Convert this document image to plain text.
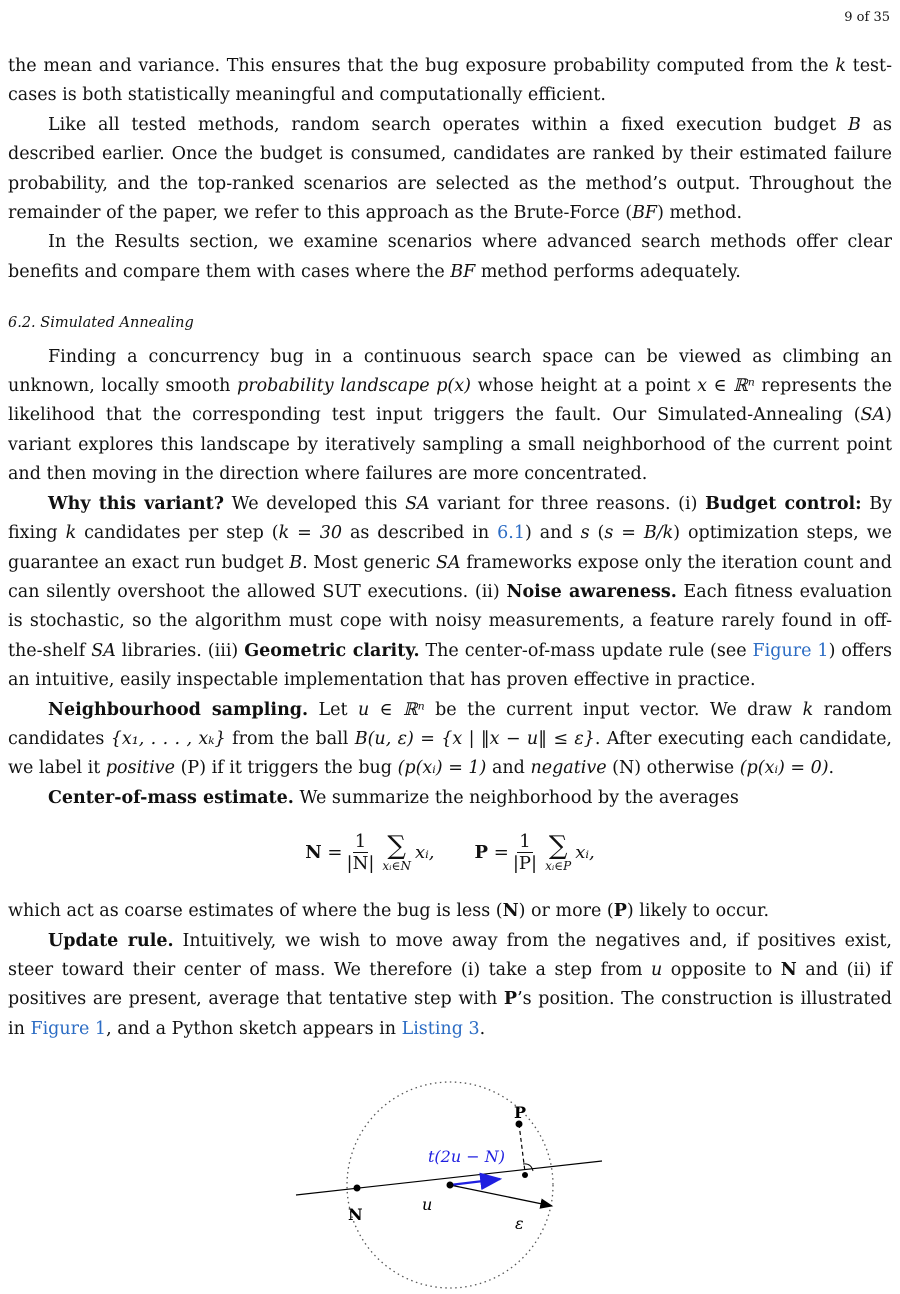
9 of 35

the mean and variance. This ensures that the bug exposure probability computed from the k test-cases is both statistically meaningful and computationally efficient.

Like all tested methods, random search operates within a fixed execution budget B as described earlier. Once the budget is consumed, candidates are ranked by their estimated failure probability, and the top-ranked scenarios are selected as the method’s output. Throughout the remainder of the paper, we refer to this approach as the Brute-Force (BF) method.

In the Results section, we examine scenarios where advanced search methods offer clear benefits and compare them with cases where the BF method performs adequately.

6.2. Simulated Annealing

Finding a concurrency bug in a continuous search space can be viewed as climbing an unknown, locally smooth probability landscape p(x) whose height at a point x ∈ ℝⁿ represents the likelihood that the corresponding test input triggers the fault. Our Simulated-Annealing (SA) variant explores this landscape by iteratively sampling a small neighborhood of the current point and then moving in the direction where failures are more concentrated.

Why this variant? We developed this SA variant for three reasons. (i) Budget control: By fixing k candidates per step (k = 30 as described in 6.1) and s (s = B/k) optimization steps, we guarantee an exact run budget B. Most generic SA frameworks expose only the iteration count and can silently overshoot the allowed SUT executions. (ii) Noise awareness. Each fitness evaluation is stochastic, so the algorithm must cope with noisy measurements, a feature rarely found in off-the-shelf SA libraries. (iii) Geometric clarity. The center-of-mass update rule (see Figure 1) offers an intuitive, easily inspectable implementation that has proven effective in practice.

Neighbourhood sampling. Let u ∈ ℝⁿ be the current input vector. We draw k random candidates {x₁, . . . , xₖ} from the ball B(u, ε) = {x | ‖x − u‖ ≤ ε}. After executing each candidate, we label it positive (P) if it triggers the bug (p(xᵢ) = 1) and negative (N) otherwise (p(xᵢ) = 0).

Center-of-mass estimate. We summarize the neighborhood by the averages

N
= $\frac{1}{|N|}$ ∑
xᵢ∈N
xᵢ, P
= $\frac{1}{|P|}$ ∑
xᵢ∈P
xᵢ,

which act as coarse estimates of where the bug is less (N) or more (P) likely to occur.

Update rule. Intuitively, we wish to move away from the negatives and, if positives exist, steer toward their center of mass. We therefore (i) take a step from u opposite to N and (ii) if positives are present, average that tentative step with P’s position. The construction is illustrated in Figure 1, and a Python sketch appears in Listing 3.

P
N
u
ε
t(2u − N)
